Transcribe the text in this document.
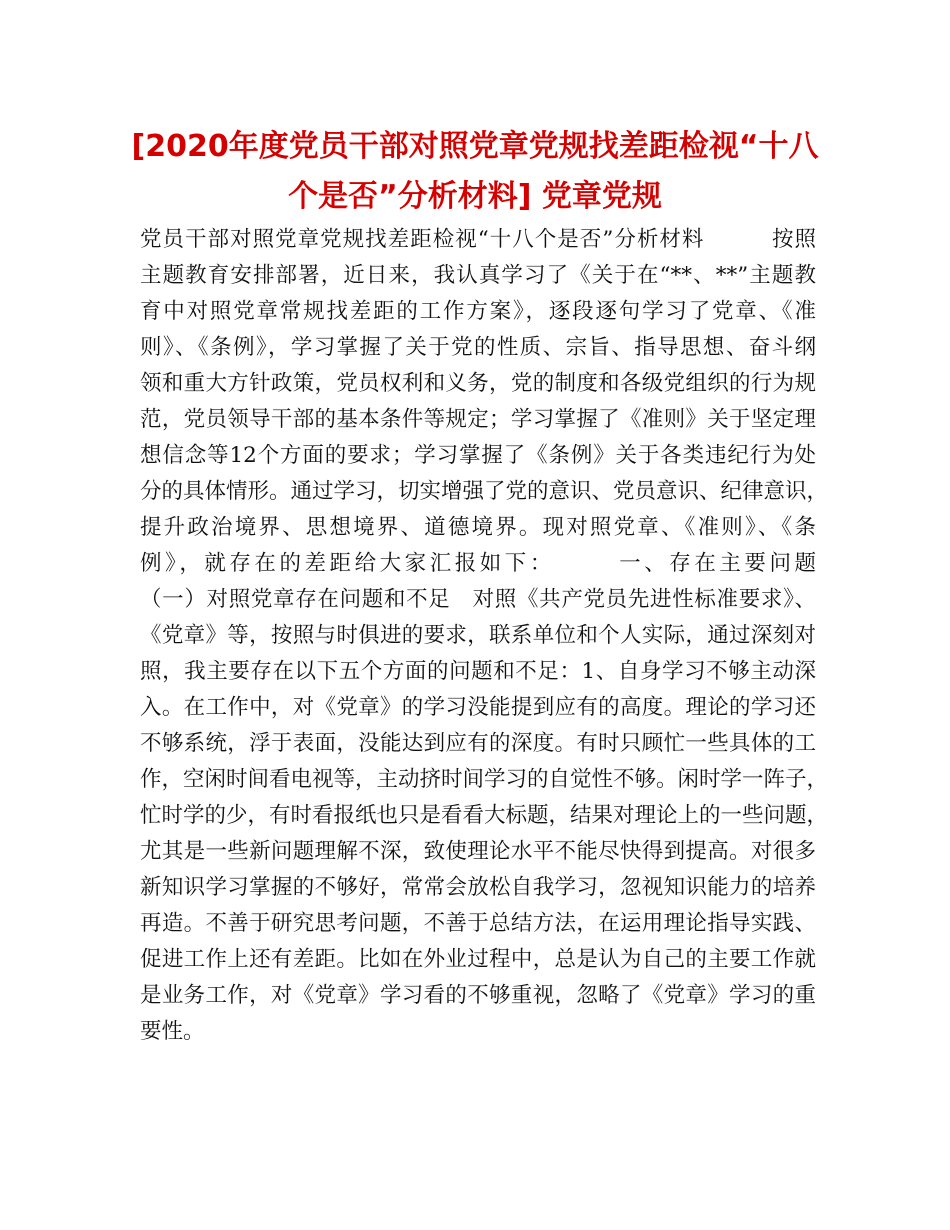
[2020年度党员干部对照党章党规找差距检视“十八
个是否”分析材料] 党章党规
党员干部对照党章党规找差距检视“十八个是否”分析材料　　　按照
主题教育安排部署，近日来，我认真学习了《关于在“**、**”主题教
育中对照党章常规找差距的工作方案》，逐段逐句学习了党章、《准
则》、《条例》，学习掌握了关于党的性质、宗旨、指导思想、奋斗纲
领和重大方针政策，党员权利和义务，党的制度和各级党组织的行为规
范，党员领导干部的基本条件等规定；学习掌握了《准则》关于坚定理
想信念等12个方面的要求；学习掌握了《条例》关于各类违纪行为处
分的具体情形。通过学习，切实增强了党的意识、党员意识、纪律意识，
提升政治境界、思想境界、道德境界。现对照党章、《准则》、《条
例》，就存在的差距给大家汇报如下：　　　一、存在主要问题
（一）对照党章存在问题和不足　对照《共产党员先进性标准要求》、
《党章》等，按照与时俱进的要求，联系单位和个人实际，通过深刻对
照，我主要存在以下五个方面的问题和不足：1、自身学习不够主动深
入。在工作中，对《党章》的学习没能提到应有的高度。理论的学习还
不够系统，浮于表面，没能达到应有的深度。有时只顾忙一些具体的工
作，空闲时间看电视等，主动挤时间学习的自觉性不够。闲时学一阵子，
忙时学的少，有时看报纸也只是看看大标题，结果对理论上的一些问题，
尤其是一些新问题理解不深，致使理论水平不能尽快得到提高。对很多
新知识学习掌握的不够好，常常会放松自我学习，忽视知识能力的培养
再造。不善于研究思考问题，不善于总结方法，在运用理论指导实践、
促进工作上还有差距。比如在外业过程中，总是认为自己的主要工作就
是业务工作，对《党章》学习看的不够重视，忽略了《党章》学习的重
要性。
